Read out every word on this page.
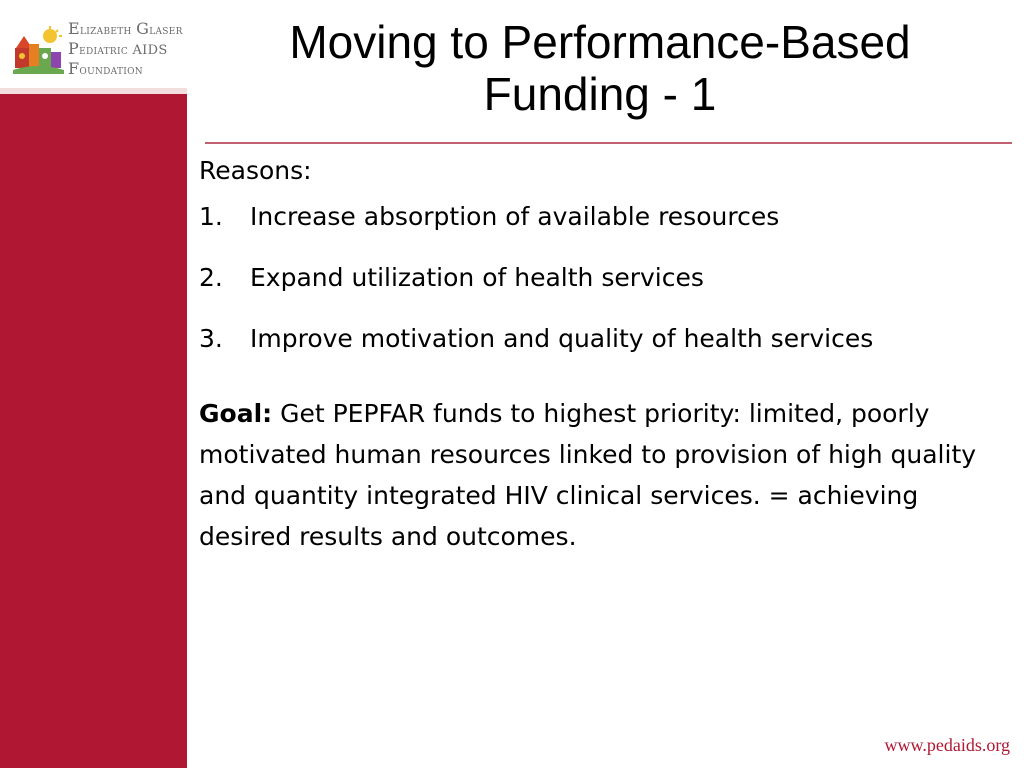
Elizabeth Glaser
Pediatric AIDS
Foundation
Moving to Performance-Based
Funding - 1
Reasons:
1. Increase absorption of available resources
2. Expand utilization of health services
3. Improve motivation and quality of health services
Goal: Get PEPFAR funds to highest priority: limited, poorly motivated human resources linked to provision of high quality and quantity integrated HIV clinical services. = achieving desired results and outcomes.
www.pedaids.org
